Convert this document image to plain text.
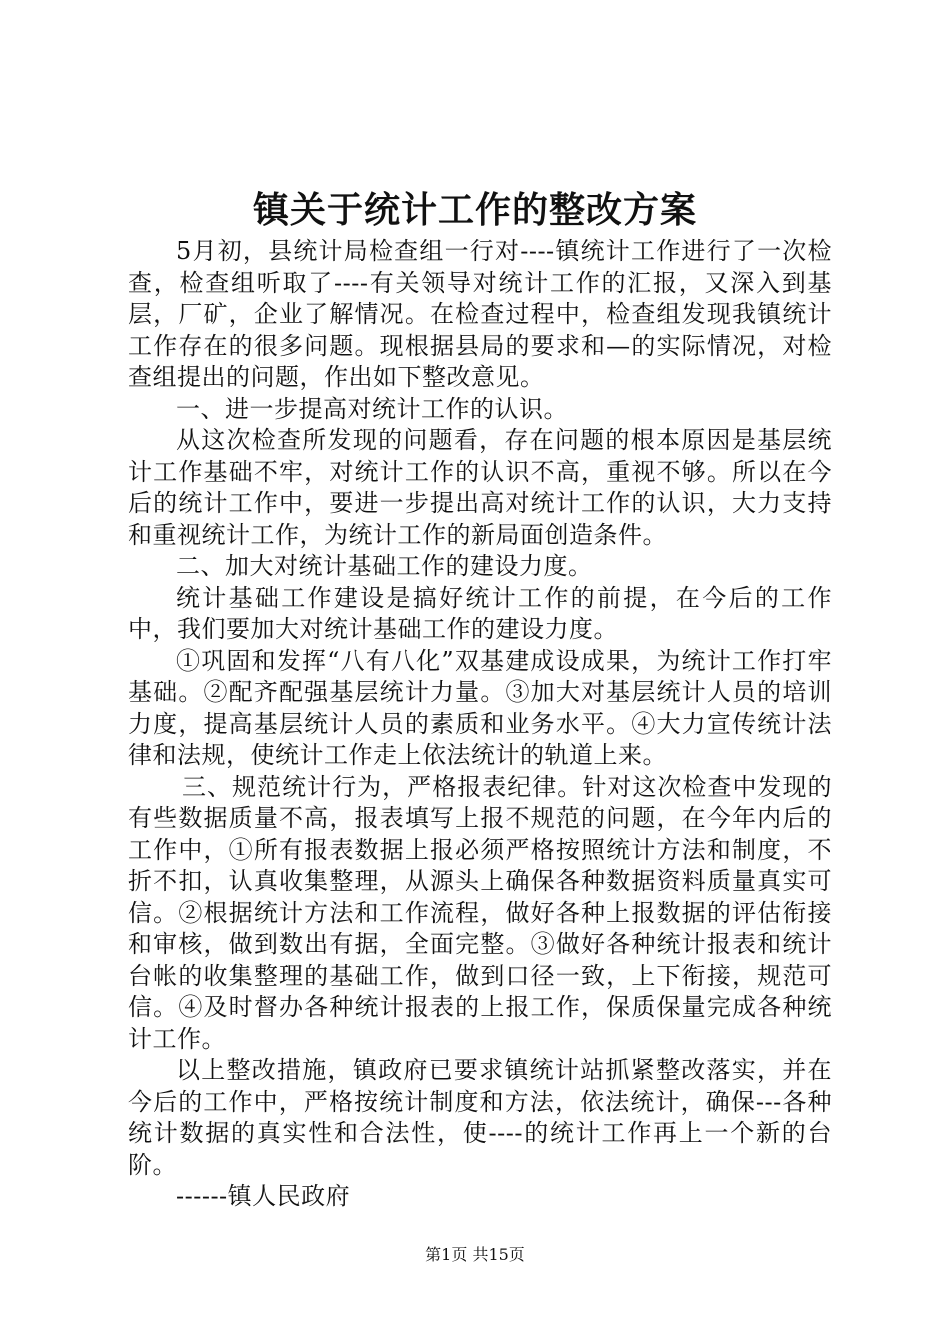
镇关于统计工作的整改方案

5月初，县统计局检查组一行对----镇统计工作进行了一次检查，检查组听取了----有关领导对统计工作的汇报，又深入到基层，厂矿，企业了解情况。在检查过程中，检查组发现我镇统计工作存在的很多问题。现根据县局的要求和—的实际情况，对检查组提出的问题，作出如下整改意见。

一、进一步提高对统计工作的认识。

从这次检查所发现的问题看，存在问题的根本原因是基层统计工作基础不牢，对统计工作的认识不高，重视不够。所以在今后的统计工作中，要进一步提出高对统计工作的认识，大力支持和重视统计工作，为统计工作的新局面创造条件。

二、加大对统计基础工作的建设力度。

统计基础工作建设是搞好统计工作的前提，在今后的工作中，我们要加大对统计基础工作的建设力度。

①巩固和发挥“八有八化”双基建成设成果，为统计工作打牢基础。②配齐配强基层统计力量。③加大对基层统计人员的培训力度，提高基层统计人员的素质和业务水平。④大力宣传统计法律和法规，使统计工作走上依法统计的轨道上来。

三、规范统计行为，严格报表纪律。针对这次检查中发现的有些数据质量不高，报表填写上报不规范的问题，在今年内后的工作中，①所有报表数据上报必须严格按照统计方法和制度，不折不扣，认真收集整理，从源头上确保各种数据资料质量真实可信。②根据统计方法和工作流程，做好各种上报数据的评估衔接和审核，做到数出有据，全面完整。③做好各种统计报表和统计台帐的收集整理的基础工作，做到口径一致，上下衔接，规范可信。④及时督办各种统计报表的上报工作，保质保量完成各种统计工作。

以上整改措施，镇政府已要求镇统计站抓紧整改落实，并在今后的工作中，严格按统计制度和方法，依法统计，确保---各种统计数据的真实性和合法性，使----的统计工作再上一个新的台阶。

------镇人民政府
第1页 共15页
